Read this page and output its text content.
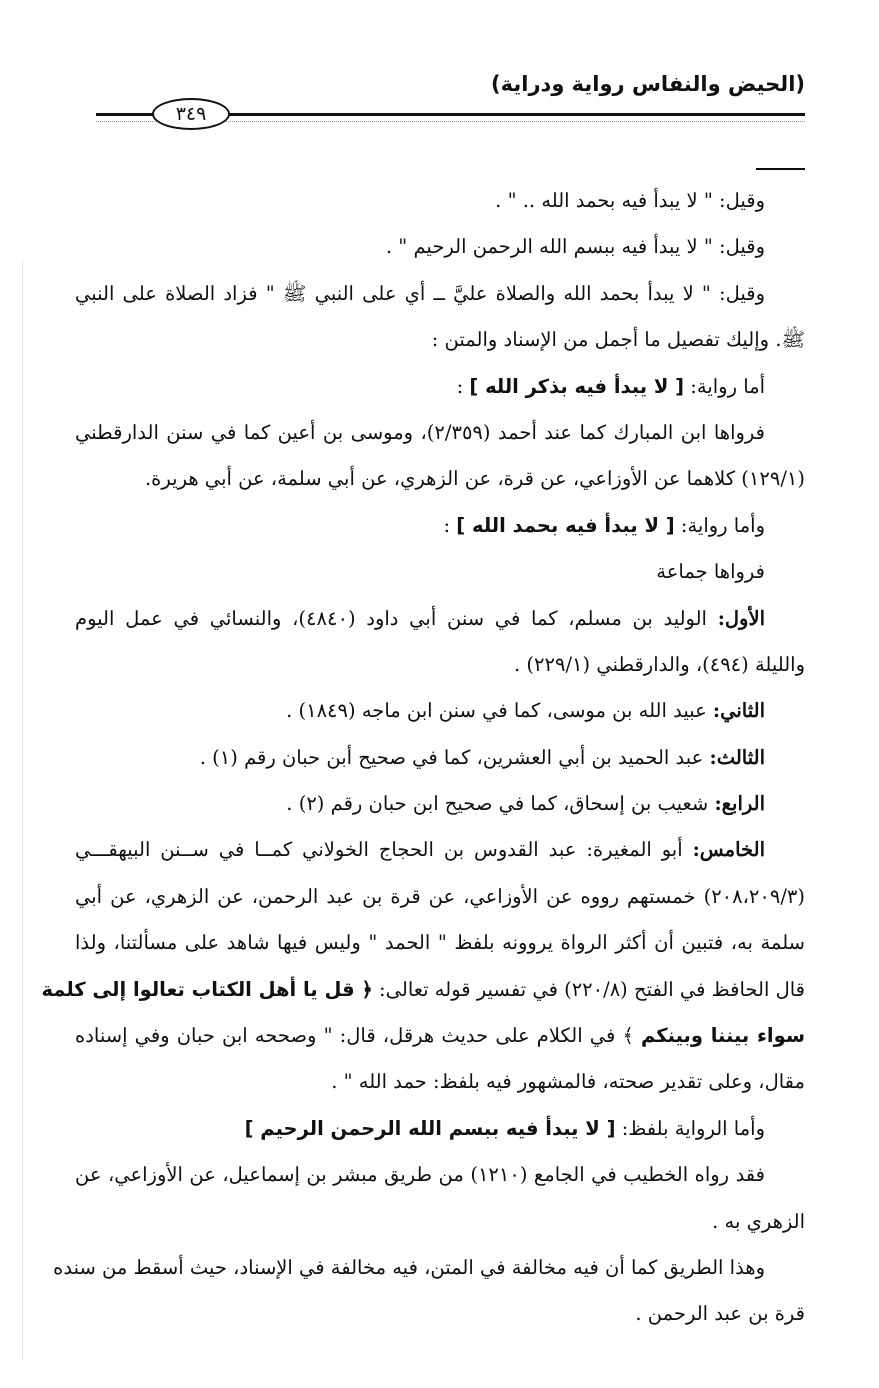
(الحيض والنفاس رواية ودراية)
٣٤٩
وقيل: " لا يبدأ فيه بحمد الله .. " .
وقيل: " لا يبدأ فيه ببسم الله الرحمن الرحيم " .
وقيل: " لا يبدأ بحمد الله والصلاة عليَّ ــ أي على النبي ﷺ " فزاد الصلاة على النبي
ﷺ. وإليك تفصيل ما أجمل من الإسناد والمتن :
أما رواية: [ لا يبدأ فيه بذكر الله ] :
فرواها ابن المبارك كما عند أحمد (٢/٣٥٩)، وموسى بن أعين كما في سنن الدارقطني
(١٢٩/١) كلاهما عن الأوزاعي، عن قرة، عن الزهري، عن أبي سلمة، عن أبي هريرة.
وأما رواية: [ لا يبدأ فيه بحمد الله ] :
فرواها جماعة
الأول: الوليد بن مسلم، كما في سنن أبي داود (٤٨٤٠)، والنسائي في عمل اليوم
والليلة (٤٩٤)، والدارقطني (٢٢٩/١) .
الثاني: عبيد الله بن موسى، كما في سنن ابن ماجه (١٨٤٩) .
الثالث: عبد الحميد بن أبي العشرين، كما في صحيح أبن حبان رقم (١) .
الرابع: شعيب بن إسحاق، كما في صحيح ابن حبان رقم (٢) .
الخامس: أبو المغيرة: عبد القدوس بن الحجاج الخولاني كمــا في ســنن البيهقـــي
(٢٠٨،٢٠٩/٣) خمستهم رووه عن الأوزاعي، عن قرة بن عبد الرحمن، عن الزهري، عن أبي
سلمة به، فتبين أن أكثر الرواة يروونه بلفظ " الحمد " وليس فيها شاهد على مسألتنا، ولذا
قال الحافظ في الفتح (٢٢٠/٨) في تفسير قوله تعالى: ﴿ قل يا أهل الكتاب تعالوا إلى كلمة
سواء بيننا وبينكم ﴾ في الكلام على حديث هرقل، قال: " وصححه ابن حبان وفي إسناده
مقال، وعلى تقدير صحته، فالمشهور فيه بلفظ: حمد الله " .
وأما الرواية بلفظ: [ لا يبدأ فيه ببسم الله الرحمن الرحيم ]
فقد رواه الخطيب في الجامع (١٢١٠) من طريق مبشر بن إسماعيل، عن الأوزاعي، عن
الزهري به .
وهذا الطريق كما أن فيه مخالفة في المتن، فيه مخالفة في الإسناد، حيث أسقط من سنده
قرة بن عبد الرحمن .
